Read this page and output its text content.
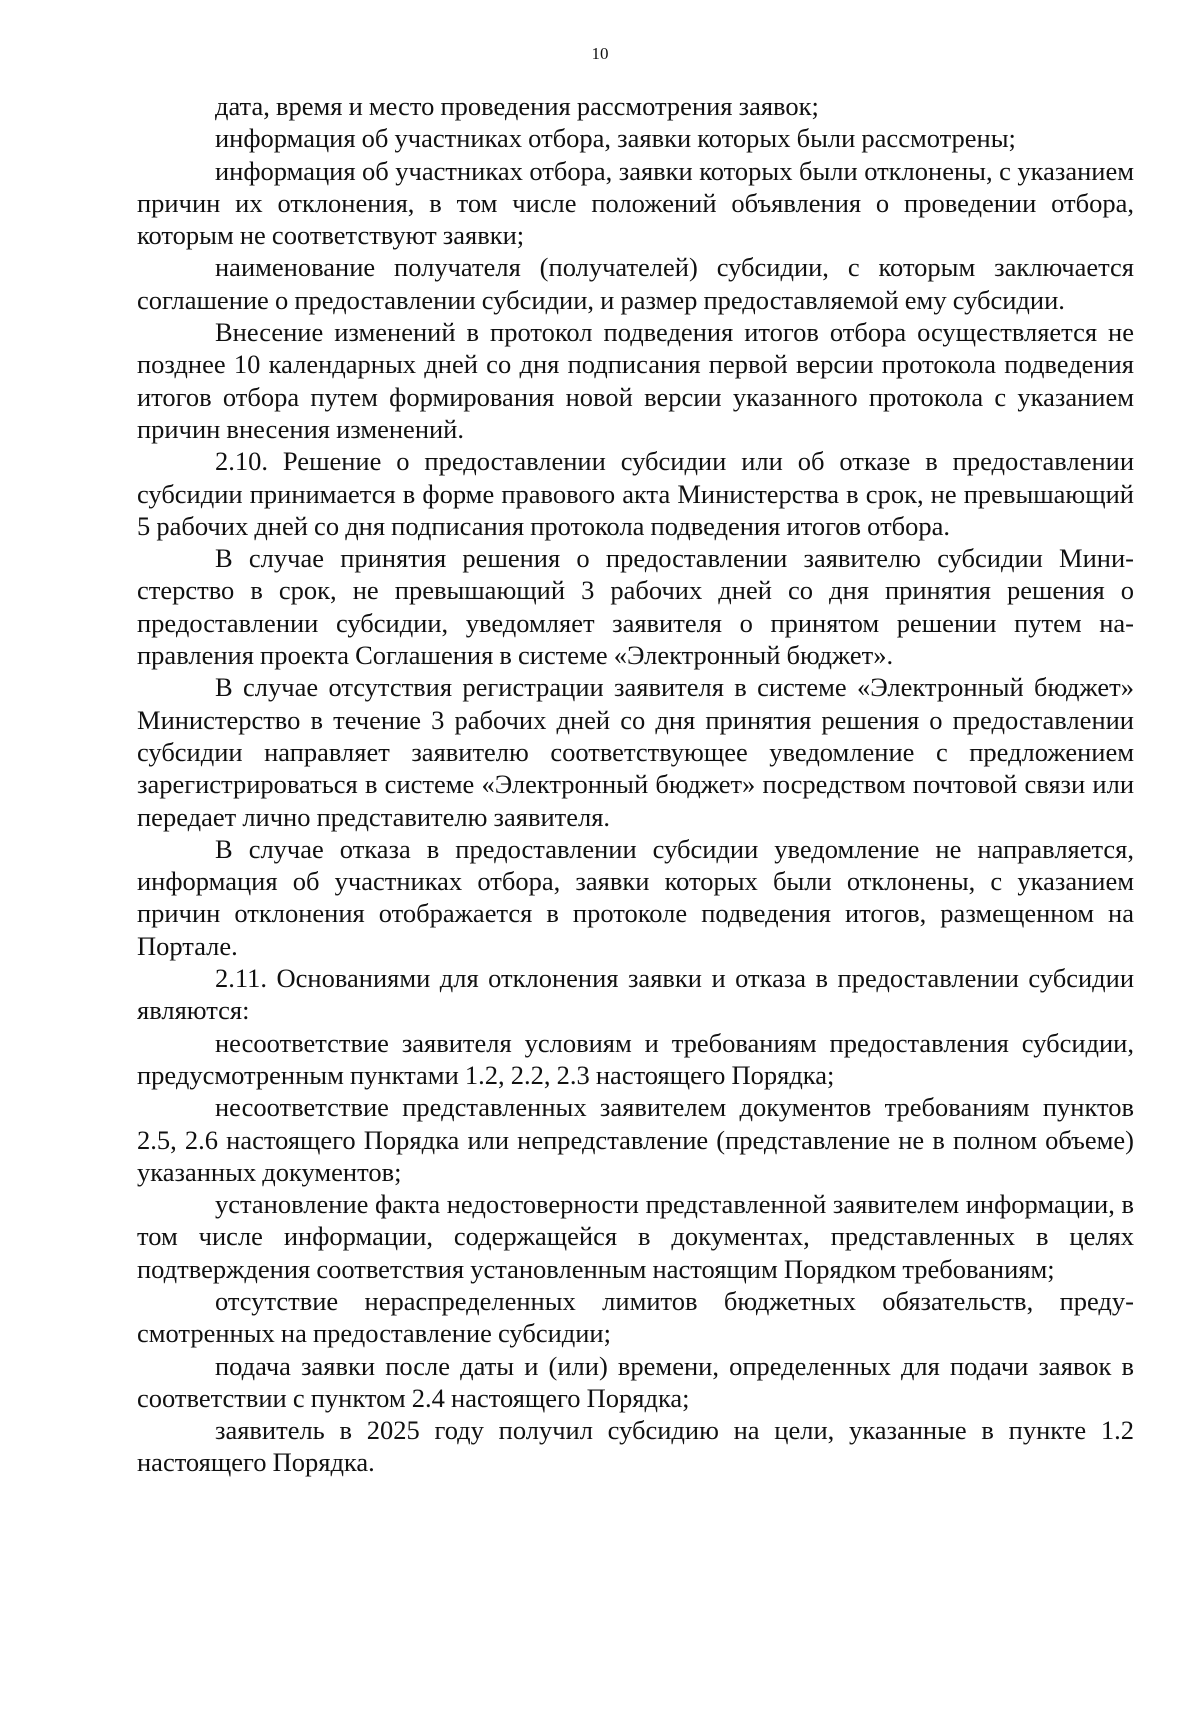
10

дата, время и место проведения рассмотрения заявок;

информация об участниках отбора, заявки которых были рассмотрены;

информация об участниках отбора, заявки которых были отклонены, с указанием причин их отклонения, в том числе положений объявления о проведении отбора, которым не соответствуют заявки;

наименование получателя (получателей) субсидии, с которым заключается соглашение о предоставлении субсидии, и размер предоставляемой ему субсидии.

Внесение изменений в протокол подведения итогов отбора осуществляется не позднее 10 календарных дней со дня подписания первой версии протокола подведения итогов отбора путем формирования новой версии указанного протокола с указанием причин внесения изменений.

2.10. Решение о предоставлении субсидии или об отказе в предоставлении субсидии принимается в форме правового акта Министерства в срок, не превышающий 5 рабочих дней со дня подписания протокола подведения итогов отбора.

В случае принятия решения о предоставлении заявителю субсидии Министерство в срок, не превышающий 3 рабочих дней со дня принятия решения о предоставлении субсидии, уведомляет заявителя о принятом решении путем направления проекта Соглашения в системе «Электронный бюджет».

В случае отсутствия регистрации заявителя в системе «Электронный бюджет» Министерство в течение 3 рабочих дней со дня принятия решения о предоставлении субсидии направляет заявителю соответствующее уведомление с предложением зарегистрироваться в системе «Электронный бюджет» посредством почтовой связи или передает лично представителю заявителя.

В случае отказа в предоставлении субсидии уведомление не направляется, информация об участниках отбора, заявки которых были отклонены, с указанием причин отклонения отображается в протоколе подведения итогов, размещенном на Портале.

2.11. Основаниями для отклонения заявки и отказа в предоставлении субсидии являются:

несоответствие заявителя условиям и требованиям предоставления субсидии, предусмотренным пунктами 1.2, 2.2, 2.3 настоящего Порядка;

несоответствие представленных заявителем документов требованиям пунктов 2.5, 2.6 настоящего Порядка или непредставление (представление не в полном объеме) указанных документов;

установление факта недостоверности представленной заявителем информации, в том числе информации, содержащейся в документах, представленных в целях подтверждения соответствия установленным настоящим Порядком требованиям;

отсутствие нераспределенных лимитов бюджетных обязательств, предусмотренных на предоставление субсидии;

подача заявки после даты и (или) времени, определенных для подачи заявок в соответствии с пунктом 2.4 настоящего Порядка;

заявитель в 2025 году получил субсидию на цели, указанные в пункте 1.2 настоящего Порядка.
